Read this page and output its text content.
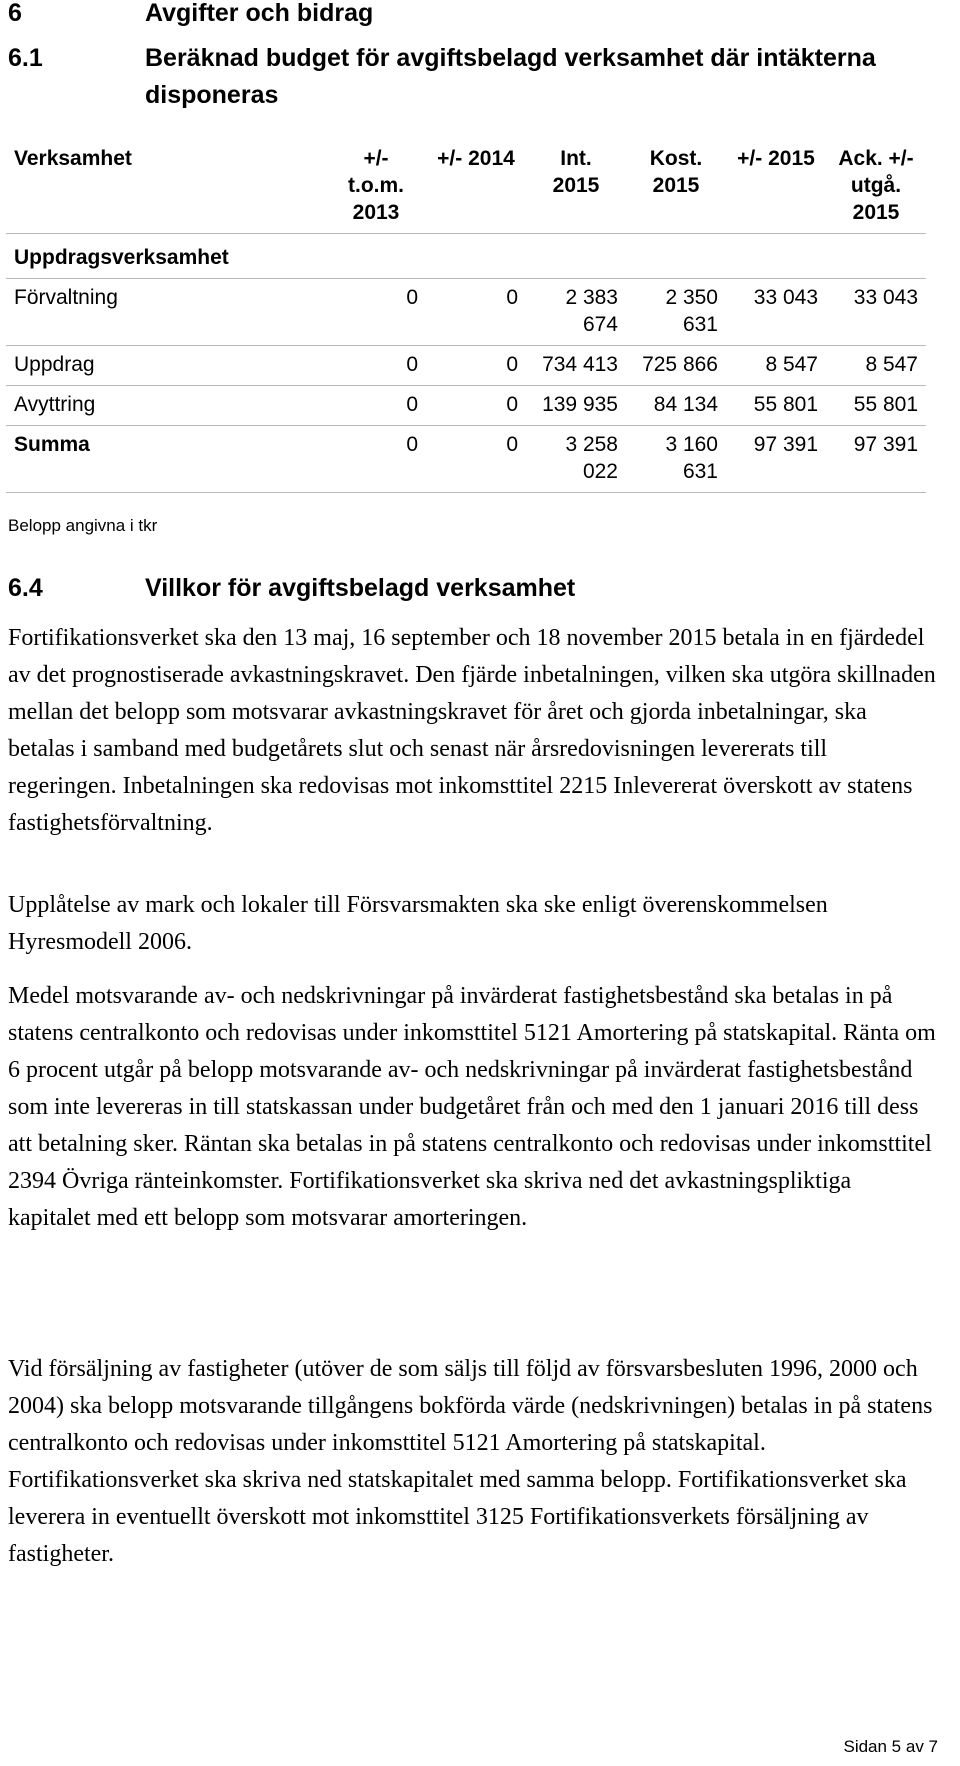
6	Avgifter och bidrag
6.1	Beräknad budget för avgiftsbelagd verksamhet där intäkterna disponeras
Verksamhet	+/- t.o.m. 2013	+/- 2014	Int. 2015	Kost. 2015	+/- 2015	Ack. +/- utgå. 2015
Uppdragsverksamhet						
Förvaltning	0	0	2 383 674	2 350 631	33 043	33 043
Uppdrag	0	0	734 413	725 866	8 547	8 547
Avyttring	0	0	139 935	84 134	55 801	55 801
Summa	0	0	3 258 022	3 160 631	97 391	97 391
Belopp angivna i tkr
6.4	Villkor för avgiftsbelagd verksamhet

Fortifikationsverket ska den 13 maj, 16 september och 18 november 2015 betala in en fjärdedel av det prognostiserade avkastningskravet. Den fjärde inbetalningen, vilken ska utgöra skillnaden mellan det belopp som motsvarar avkastningskravet för året och gjorda inbetalningar, ska betalas i samband med budgetårets slut och senast när årsredovisningen levererats till regeringen. Inbetalningen ska redovisas mot inkomsttitel 2215 Inlevererat överskott av statens fastighetsförvaltning.

Upplåtelse av mark och lokaler till Försvarsmakten ska ske enligt överenskommelsen Hyresmodell 2006.

Medel motsvarande av- och nedskrivningar på invärderat fastighetsbestånd ska betalas in på statens centralkonto och redovisas under inkomsttitel 5121 Amortering på statskapital. Ränta om 6 procent utgår på belopp motsvarande av- och nedskrivningar på invärderat fastighetsbestånd som inte levereras in till statskassan under budgetåret från och med den 1 januari 2016 till dess att betalning sker. Räntan ska betalas in på statens centralkonto och redovisas under inkomsttitel 2394 Övriga ränteinkomster. Fortifikationsverket ska skriva ned det avkastningspliktiga kapitalet med ett belopp som motsvarar amorteringen.

Vid försäljning av fastigheter (utöver de som säljs till följd av försvarsbesluten 1996, 2000 och 2004) ska belopp motsvarande tillgångens bokförda värde (nedskrivningen) betalas in på statens centralkonto och redovisas under inkomsttitel 5121 Amortering på statskapital. Fortifikationsverket ska skriva ned statskapitalet med samma belopp. Fortifikationsverket ska leverera in eventuellt överskott mot inkomsttitel 3125 Fortifikationsverkets försäljning av fastigheter.

Sidan 5 av 7
